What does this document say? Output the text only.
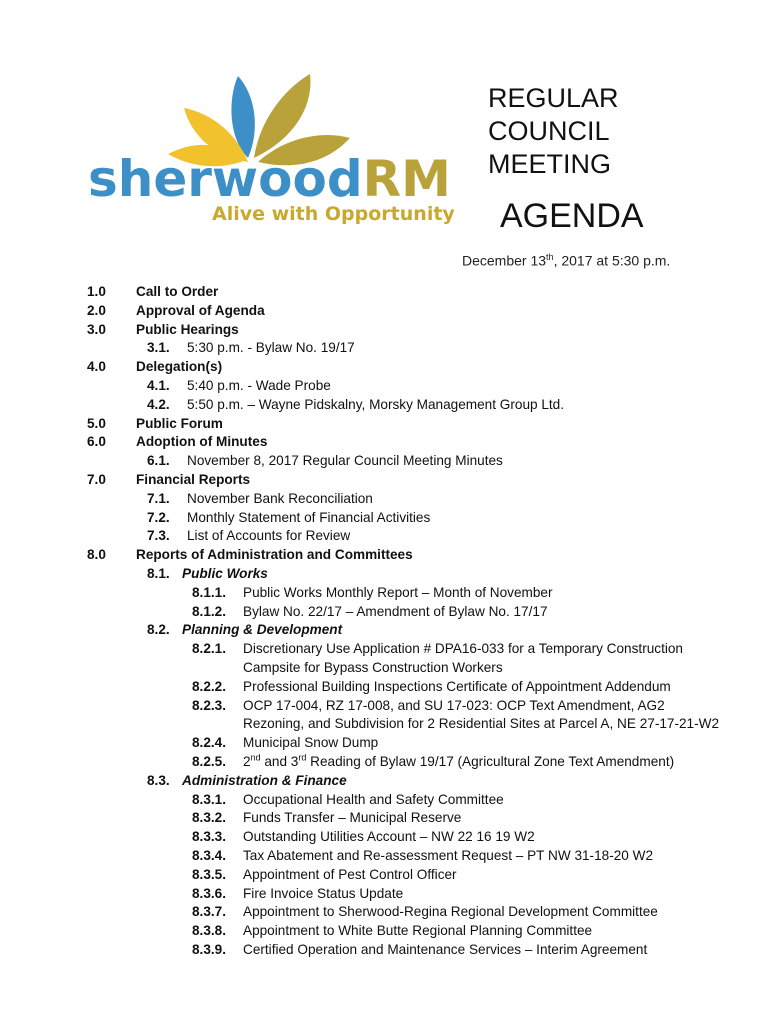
sherwoodRM
Alive with Opportunity
REGULAR
COUNCIL
MEETING
AGENDA
December 13th, 2017 at 5:30 p.m.
1.0 Call to Order
2.0 Approval of Agenda
3.0 Public Hearings
3.1. 5:30 p.m. - Bylaw No. 19/17
4.0 Delegation(s)
4.1. 5:40 p.m. - Wade Probe
4.2. 5:50 p.m. – Wayne Pidskalny, Morsky Management Group Ltd.
5.0 Public Forum
6.0 Adoption of Minutes
6.1. November 8, 2017 Regular Council Meeting Minutes
7.0 Financial Reports
7.1. November Bank Reconciliation
7.2. Monthly Statement of Financial Activities
7.3. List of Accounts for Review
8.0 Reports of Administration and Committees
8.1. Public Works
8.1.1. Public Works Monthly Report – Month of November
8.1.2. Bylaw No. 22/17 – Amendment of Bylaw No. 17/17
8.2. Planning & Development
8.2.1. Discretionary Use Application # DPA16-033 for a Temporary Construction
Campsite for Bypass Construction Workers
8.2.2. Professional Building Inspections Certificate of Appointment Addendum
8.2.3. OCP 17-004, RZ 17-008, and SU 17-023: OCP Text Amendment, AG2
Rezoning, and Subdivision for 2 Residential Sites at Parcel A, NE 27-17-21-W2
8.2.4. Municipal Snow Dump
8.2.5. 2nd and 3rd Reading of Bylaw 19/17 (Agricultural Zone Text Amendment)
8.3. Administration & Finance
8.3.1. Occupational Health and Safety Committee
8.3.2. Funds Transfer – Municipal Reserve
8.3.3. Outstanding Utilities Account – NW 22 16 19 W2
8.3.4. Tax Abatement and Re-assessment Request – PT NW 31-18-20 W2
8.3.5. Appointment of Pest Control Officer
8.3.6. Fire Invoice Status Update
8.3.7. Appointment to Sherwood-Regina Regional Development Committee
8.3.8. Appointment to White Butte Regional Planning Committee
8.3.9. Certified Operation and Maintenance Services – Interim Agreement
